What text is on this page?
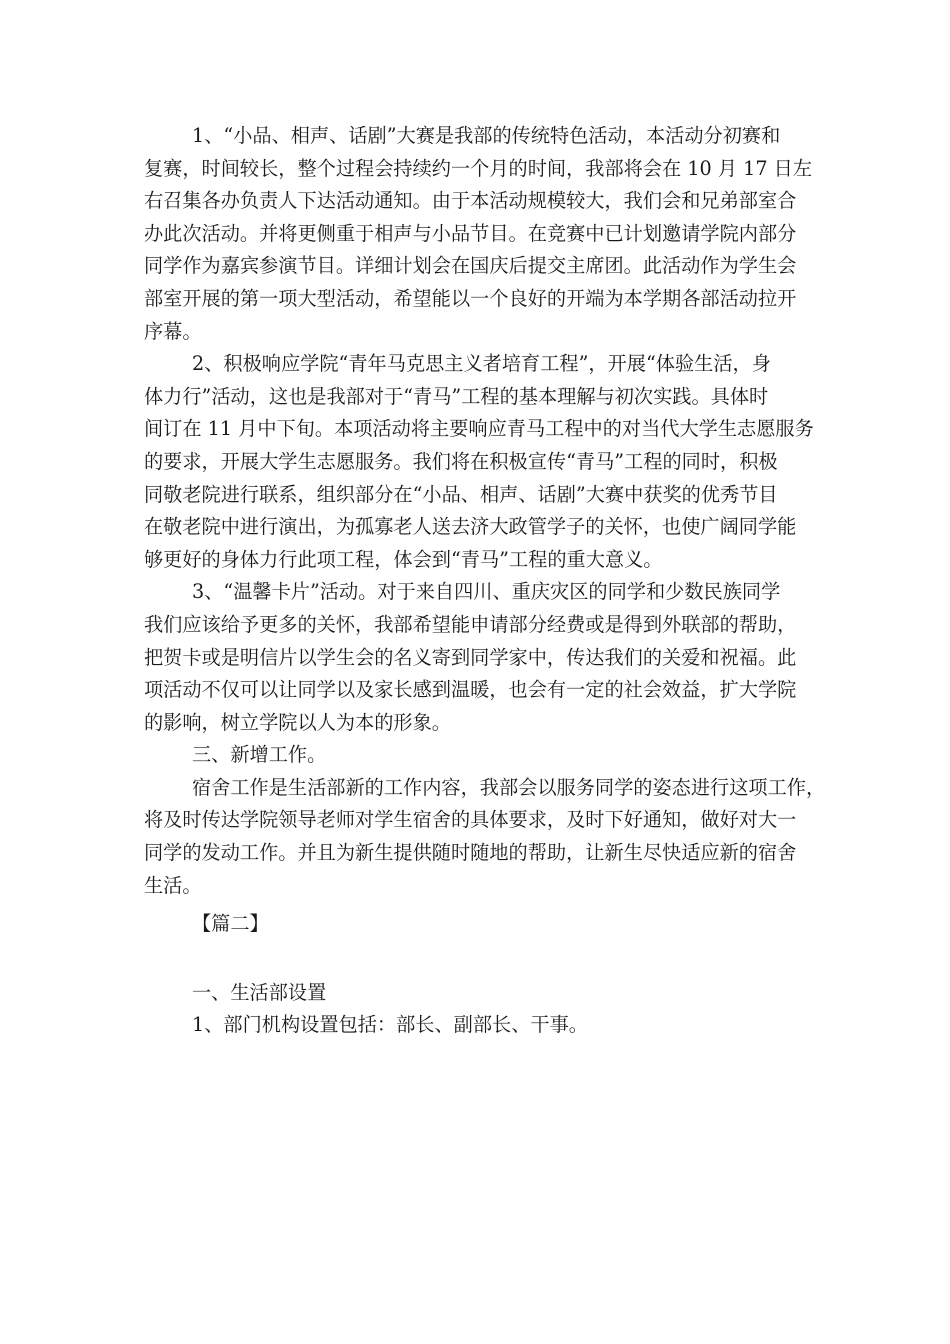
1、“小品、相声、话剧”大赛是我部的传统特色活动，本活动分初赛和
复赛，时间较长，整个过程会持续约一个月的时间，我部将会在 10 月 17 日左
右召集各办负责人下达活动通知。由于本活动规模较大，我们会和兄弟部室合
办此次活动。并将更侧重于相声与小品节目。在竞赛中已计划邀请学院内部分
同学作为嘉宾参演节目。详细计划会在国庆后提交主席团。此活动作为学生会
部室开展的第一项大型活动，希望能以一个良好的开端为本学期各部活动拉开
序幕。
2、积极响应学院“青年马克思主义者培育工程”，开展“体验生活，身
体力行”活动，这也是我部对于“青马”工程的基本理解与初次实践。具体时
间订在 11 月中下旬。本项活动将主要响应青马工程中的对当代大学生志愿服务
的要求，开展大学生志愿服务。我们将在积极宣传“青马”工程的同时，积极
同敬老院进行联系，组织部分在“小品、相声、话剧”大赛中获奖的优秀节目
在敬老院中进行演出，为孤寡老人送去济大政管学子的关怀，也使广阔同学能
够更好的身体力行此项工程，体会到“青马”工程的重大意义。
3、“温馨卡片”活动。对于来自四川、重庆灾区的同学和少数民族同学
我们应该给予更多的关怀，我部希望能申请部分经费或是得到外联部的帮助，
把贺卡或是明信片以学生会的名义寄到同学家中，传达我们的关爱和祝福。此
项活动不仅可以让同学以及家长感到温暖，也会有一定的社会效益，扩大学院
的影响，树立学院以人为本的形象。
三、新增工作。
宿舍工作是生活部新的工作内容，我部会以服务同学的姿态进行这项工作，
将及时传达学院领导老师对学生宿舍的具体要求，及时下好通知，做好对大一
同学的发动工作。并且为新生提供随时随地的帮助，让新生尽快适应新的宿舍
生活。
【篇二】
一、生活部设置
1、部门机构设置包括：部长、副部长、干事。
